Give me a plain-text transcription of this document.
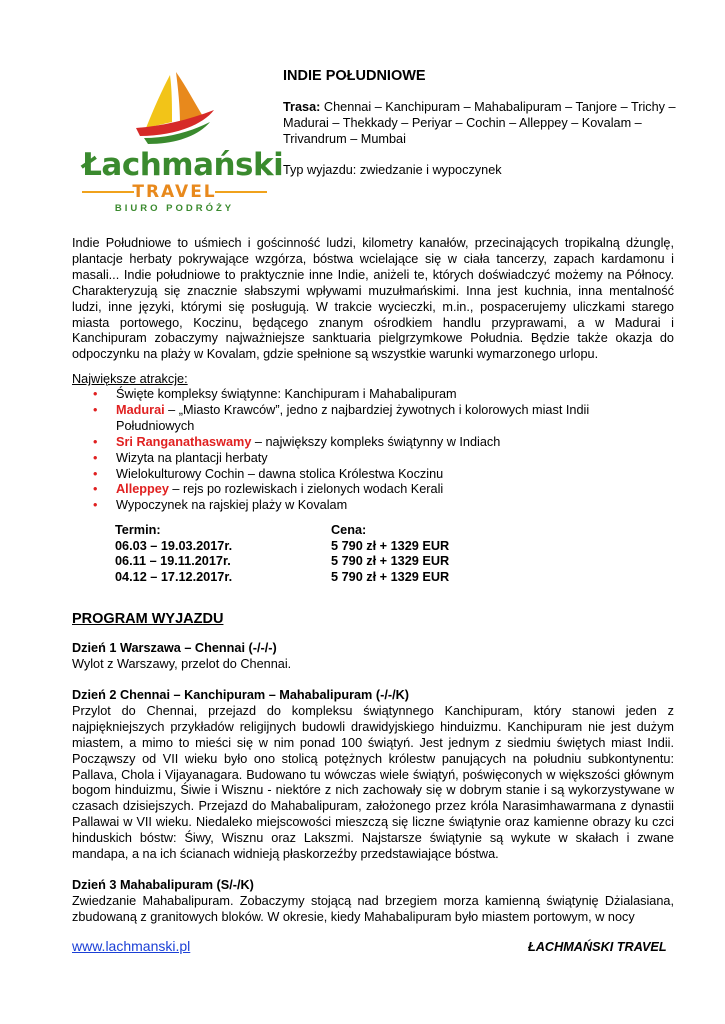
Łachmański
TRAVEL
BIURO PODRÓŻY
INDIE POŁUDNIOWE
Trasa: Chennai – Kanchipuram – Mahabalipuram – Tanjore – Trichy – Madurai – Thekkady – Periyar – Cochin – Alleppey – Kovalam – Trivandrum – Mumbai
Typ wyjazdu: zwiedzanie i wypoczynek
Indie Południowe to uśmiech i gościnność ludzi, kilometry kanałów, przecinających tropikalną dżunglę, plantacje herbaty pokrywające wzgórza, bóstwa wcielające się w ciała tancerzy, zapach kardamonu i masali... Indie południowe to praktycznie inne Indie, aniżeli te, których doświadczyć możemy na Północy. Charakteryzują się znacznie słabszymi wpływami muzułmańskimi. Inna jest kuchnia, inna mentalność ludzi, inne języki, którymi się posługują. W trakcie wycieczki, m.in., pospacerujemy uliczkami starego miasta portowego, Koczinu, będącego znanym ośrodkiem handlu przyprawami, a w Madurai i Kanchipuram zobaczymy najważniejsze sanktuaria pielgrzymkowe Południa. Będzie także okazja do odpoczynku na plaży w Kovalam, gdzie spełnione są wszystkie warunki wymarzonego urlopu.
Największe atrakcje:
• Święte kompleksy świątynne: Kanchipuram i Mahabalipuram
• Madurai – „Miasto Krawców”, jedno z najbardziej żywotnych i kolorowych miast Indii Południowych
• Sri Ranganathaswamy – największy kompleks świątynny w Indiach
• Wizyta na plantacji herbaty
• Wielokulturowy Cochin – dawna stolica Królestwa Koczinu
• Alleppey – rejs po rozlewiskach i zielonych wodach Kerali
• Wypoczynek na rajskiej plaży w Kovalam
Termin:	Cena:
06.03 – 19.03.2017r.	5 790 zł + 1329 EUR
06.11 – 19.11.2017r.	5 790 zł + 1329 EUR
04.12 – 17.12.2017r.	5 790 zł + 1329 EUR
PROGRAM WYJAZDU
Dzień 1 Warszawa – Chennai (-/-/-)
Wylot z Warszawy, przelot do Chennai.
Dzień 2 Chennai – Kanchipuram – Mahabalipuram (-/-/K)
Przylot do Chennai, przejazd do kompleksu świątynnego Kanchipuram, który stanowi jeden z najpiękniejszych przykładów religijnych budowli drawidyjskiego hinduizmu. Kanchipuram nie jest dużym miastem, a mimo to mieści się w nim ponad 100 świątyń. Jest jednym z siedmiu świętych miast Indii. Począwszy od VII wieku było ono stolicą potężnych królestw panujących na południu subkontynentu: Pallava, Chola i Vijayanagara. Budowano tu wówczas wiele świątyń, poświęconych w większości głównym bogom hinduizmu, Śiwie i Wisznu - niektóre z nich zachowały się w dobrym stanie i są wykorzystywane w czasach dzisiejszych. Przejazd do Mahabalipuram, założonego przez króla Narasimhawarmana z dynastii Pallawai w VII wieku. Niedaleko miejscowości mieszczą się liczne świątynie oraz kamienne obrazy ku czci hinduskich bóstw: Śiwy, Wisznu oraz Lakszmi. Najstarsze świątynie są wykute w skałach i zwane mandapa, a na ich ścianach widnieją płaskorzeźby przedstawiające bóstwa.
Dzień 3 Mahabalipuram (S/-/K)
Zwiedzanie Mahabalipuram. Zobaczymy stojącą nad brzegiem morza kamienną świątynię Dżialasiana, zbudowaną z granitowych bloków. W okresie, kiedy Mahabalipuram było miastem portowym, w nocy
www.lachmanski.pl	ŁACHMAŃSKI TRAVEL
